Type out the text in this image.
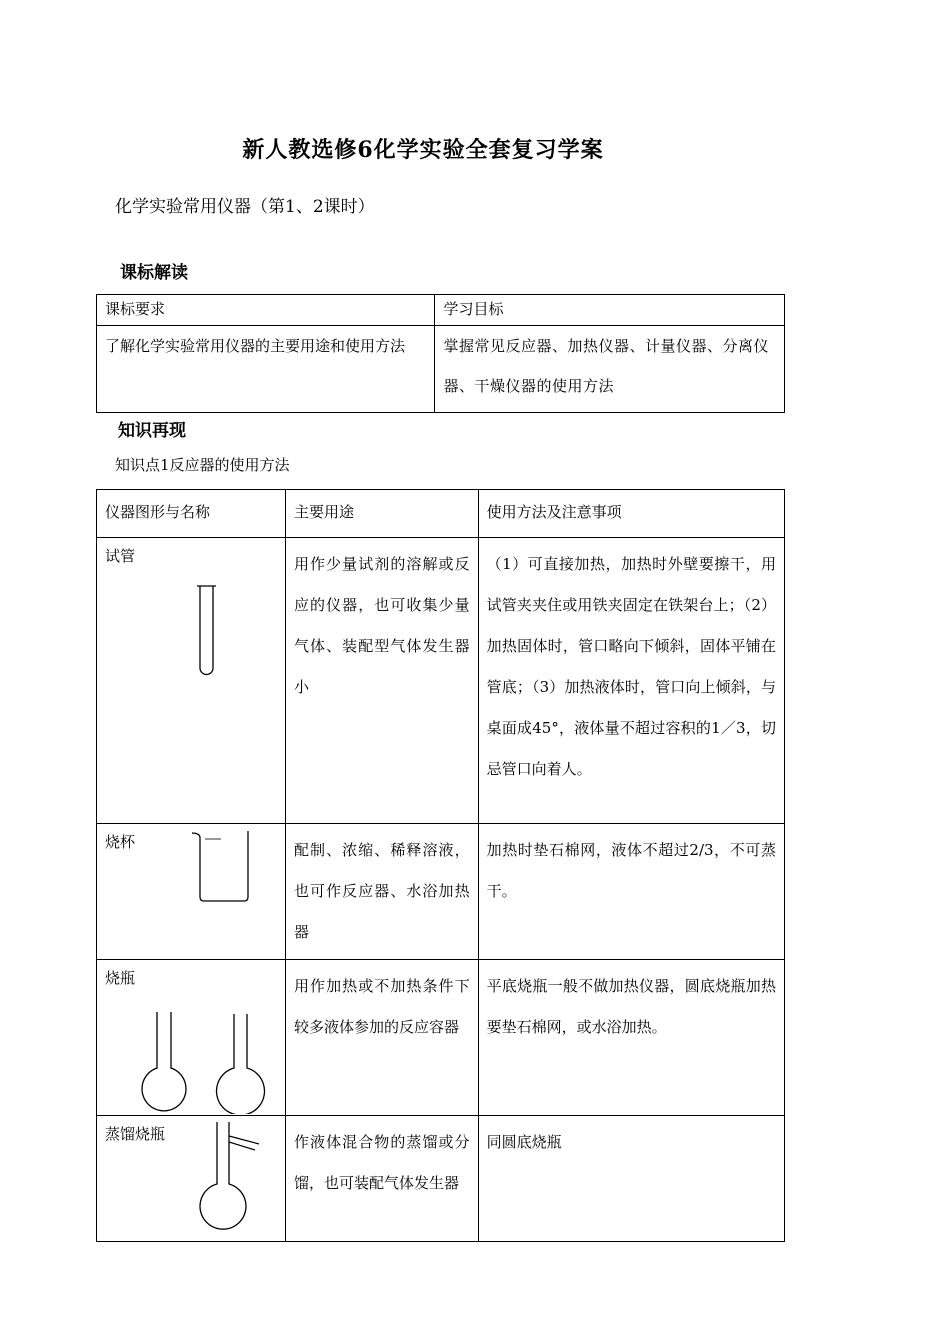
新人教选修6化学实验全套复习学案
化学实验常用仪器（第1、2课时）
课标解读
课标要求	学习目标
了解化学实验常用仪器的主要用途和使用方法	掌握常见反应器、加热仪器、计量仪器、分离仪器、干燥仪器的使用方法
知识再现
知识点1反应器的使用方法
仪器图形与名称	主要用途	使用方法及注意事项

试管	用作少量试剂的溶解或反应的仪器，也可收集少量气体、装配型气体发生器小	（1）可直接加热，加热时外壁要擦干，用试管夹夹住或用铁夹固定在铁架台上；（2）加热固体时，管口略向下倾斜，固体平铺在管底；（3）加热液体时，管口向上倾斜，与桌面成45°，液体量不超过容积的1／3，切忌管口向着人。

烧杯	配制、浓缩、稀释溶液，也可作反应器、水浴加热器	加热时垫石棉网，液体不超过2/3，不可蒸干。

烧瓶	用作加热或不加热条件下较多液体参加的反应容器	平底烧瓶一般不做加热仪器，圆底烧瓶加热要垫石棉网，或水浴加热。

蒸馏烧瓶	作液体混合物的蒸馏或分馏，也可装配气体发生器	同圆底烧瓶
